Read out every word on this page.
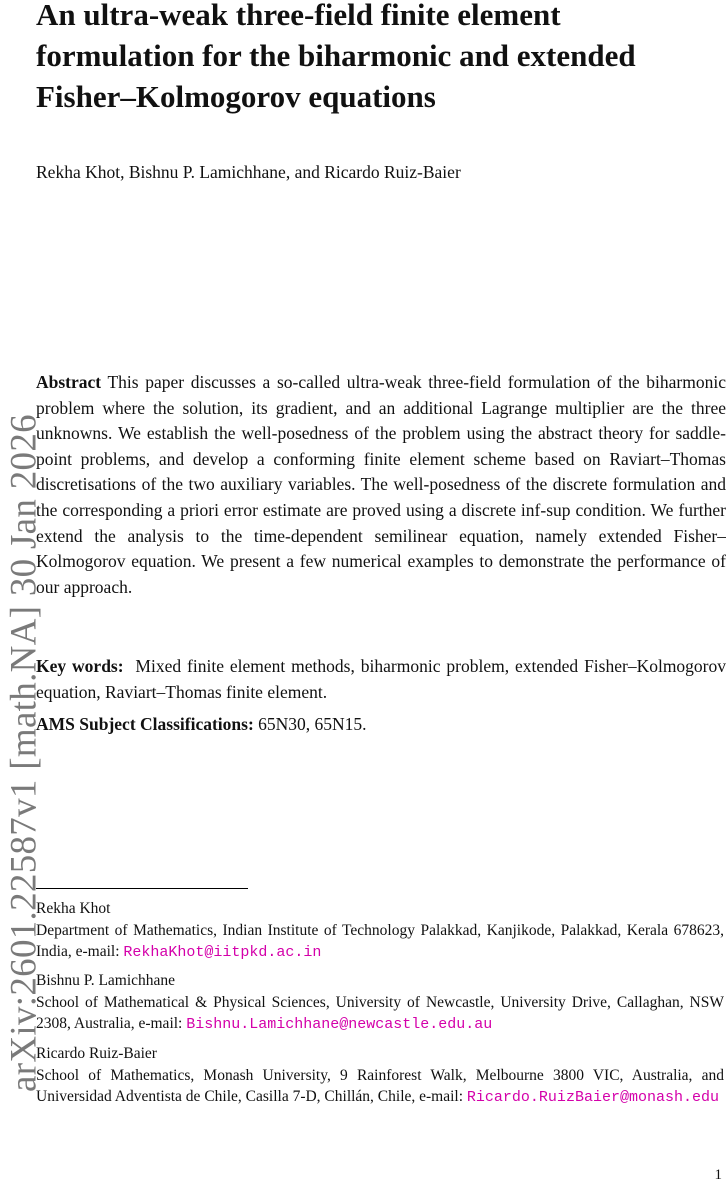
arXiv:2601.22587v1 [math.NA] 30 Jan 2026
An ultra-weak three-field finite element formulation for the biharmonic and extended Fisher–Kolmogorov equations
Rekha Khot, Bishnu P. Lamichhane, and Ricardo Ruiz-Baier

Abstract This paper discusses a so-called ultra-weak three-field formulation of the biharmonic problem where the solution, its gradient, and an additional Lagrange multiplier are the three unknowns. We establish the well-posedness of the problem using the abstract theory for saddle-point problems, and develop a conforming finite element scheme based on Raviart–Thomas discretisations of the two auxiliary variables. The well-posedness of the discrete formulation and the corresponding a priori error estimate are proved using a discrete inf-sup condition. We further extend the analysis to the time-dependent semilinear equation, namely extended Fisher–Kolmogorov equation. We present a few numerical examples to demonstrate the performance of our approach.

Key words: Mixed finite element methods, biharmonic problem, extended Fisher–Kolmogorov equation, Raviart–Thomas finite element.

AMS Subject Classifications: 65N30, 65N15.

Rekha Khot

Department of Mathematics, Indian Institute of Technology Palakkad, Kanjikode, Palakkad, Kerala 678623, India, e-mail: RekhaKhot@iitpkd.ac.in

Bishnu P. Lamichhane

School of Mathematical & Physical Sciences, University of Newcastle, University Drive, Callaghan, NSW 2308, Australia, e-mail: Bishnu.Lamichhane@newcastle.edu.au

Ricardo Ruiz-Baier

School of Mathematics, Monash University, 9 Rainforest Walk, Melbourne 3800 VIC, Australia, and Universidad Adventista de Chile, Casilla 7-D, Chillán, Chile, e-mail: Ricardo.RuizBaier@monash.edu

1
